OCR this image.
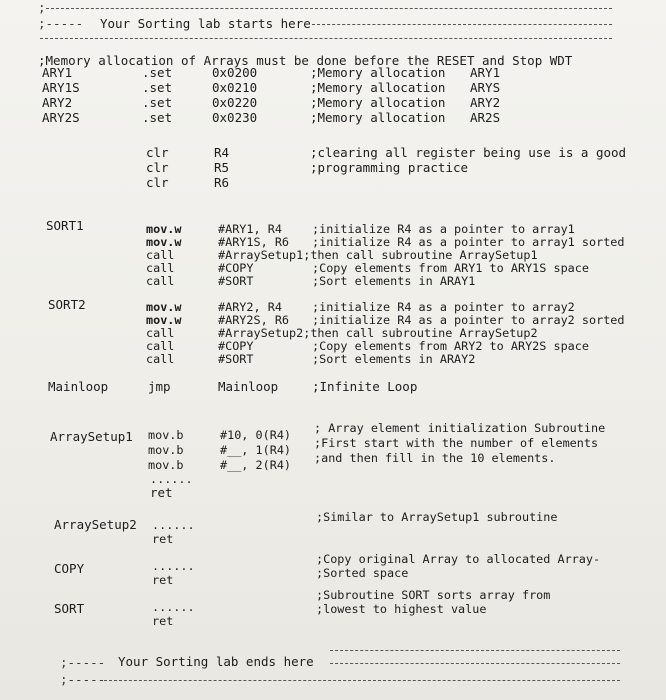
;
;----- Your Sorting lab starts here
;Memory allocation of Arrays must be done before the RESET and Stop WDT
ARY1	.set	0x0200	;Memory allocation ARY1
ARY1S	.set	0x0210	;Memory allocation ARYS
ARY2	.set	0x0220	;Memory allocation ARY2
ARY2S	.set	0x0230	;Memory allocation AR2S
clr	R4	;clearing all register being use is a good
clr	R5	;programming practice
clr	R6
SORT1	mov.w	#ARY1, R4	;initialize R4 as a pointer to array1
mov.w	#ARY1S, R6 ;initialize R4 as a pointer to array1 sorted
call	#ArraySetup1;then call subroutine ArraySetup1
call	#COPY	;Copy elements from ARY1 to ARY1S space
call	#SORT	;Sort elements in ARAY1
SORT2	mov.w	#ARY2, R4	;initialize R4 as a pointer to array2
mov.w	#ARY2S, R6 ;initialize R4 as a pointer to array2 sorted
call	#ArraySetup2;then call subroutine ArraySetup2
call	#COPY	;Copy elements from ARY2 to ARY2S space
call	#SORT	;Sort elements in ARAY2
Mainloop	jmp	Mainloop	;Infinite Loop
ArraySetup1 mov.b	#10, 0(R4) ; Array element initialization Subroutine
mov.b	#__, 1(R4) ;First start with the number of elements
mov.b	#__, 2(R4) ;and then fill in the 10 elements.
......
ret
ArraySetup2 ......
ret
;Similar to ArraySetup1 subroutine
COPY	......
ret
;Copy original Array to allocated Array-
;Sorted space
SORT	......
ret
;Subroutine SORT sorts array from
;lowest to highest value
;----- Your Sorting lab ends here
;-----
